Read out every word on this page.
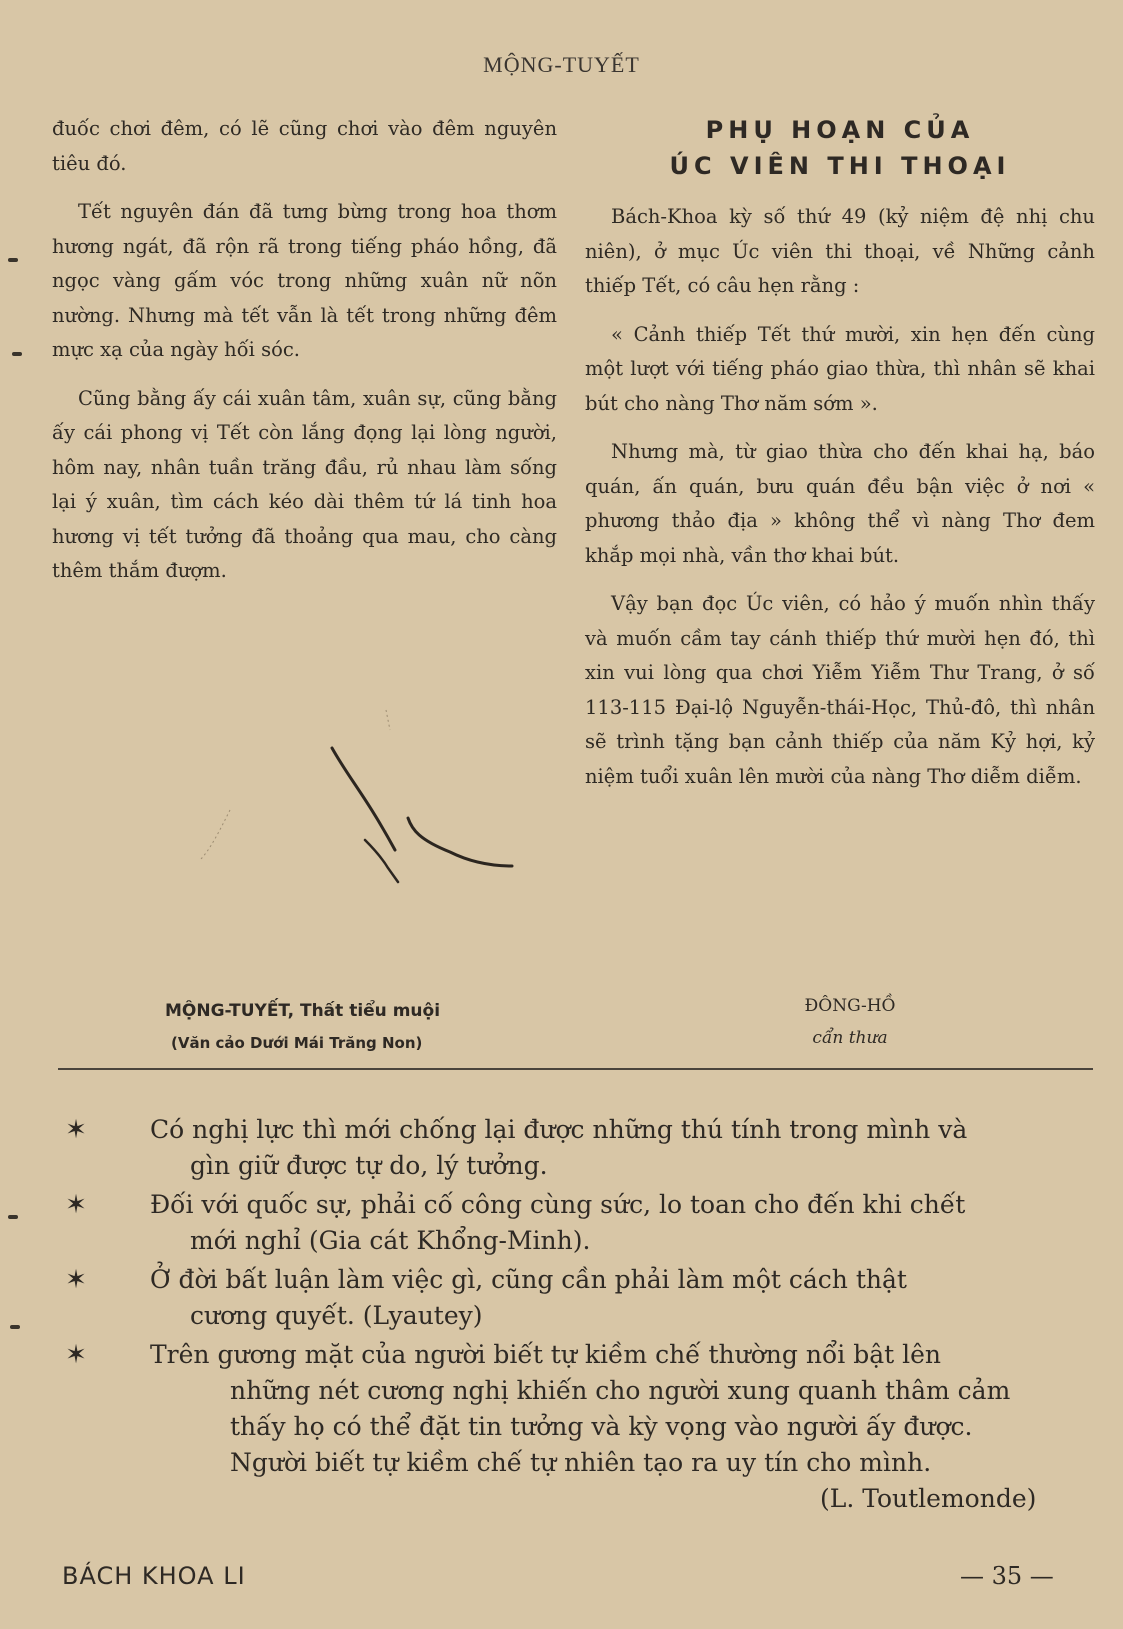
MỘNG-TUYẾT

đuốc chơi đêm, có lẽ cũng chơi vào đêm nguyên tiêu đó.

Tết nguyên đán đã tưng bừng trong hoa thơm hương ngát, đã rộn rã trong tiếng pháo hồng, đã ngọc vàng gấm vóc trong những xuân nữ nõn nường. Nhưng mà tết vẫn là tết trong những đêm mực xạ của ngày hối sóc.

Cũng bằng ấy cái xuân tâm, xuân sự, cũng bằng ấy cái phong vị Tết còn lắng đọng lại lòng người, hôm nay, nhân tuần trăng đầu, rủ nhau làm sống lại ý xuân, tìm cách kéo dài thêm tứ lá tinh hoa hương vị tết tưởng đã thoảng qua mau, cho càng thêm thắm đượm.

MỘNG-TUYẾT, Thất tiểu muội
(Văn cảo Dưới Mái Trăng Non)
PHỤ HOẠN CỦA
ÚC VIÊN THI THOẠI

Bách-Khoa kỳ số thứ 49 (kỷ niệm đệ nhị chu niên), ở mục Úc viên thi thoại, về Những cảnh thiếp Tết, có câu hẹn rằng :

« Cảnh thiếp Tết thứ mười, xin hẹn đến cùng một lượt với tiếng pháo giao thừa, thì nhân sẽ khai bút cho nàng Thơ năm sớm ».

Nhưng mà, từ giao thừa cho đến khai hạ, báo quán, ấn quán, bưu quán đều bận việc ở nơi « phương thảo địa » không thể vì nàng Thơ đem khắp mọi nhà, vần thơ khai bút.

Vậy bạn đọc Úc viên, có hảo ý muốn nhìn thấy và muốn cầm tay cánh thiếp thứ mười hẹn đó, thì xin vui lòng qua chơi Yiễm Yiễm Thư Trang, ở số 113-115 Đại-lộ Nguyễn-thái-Học, Thủ-đô, thì nhân sẽ trình tặng bạn cảnh thiếp của năm Kỷ hợi, kỷ niệm tuổi xuân lên mười của nàng Thơ diễm diễm.

ĐÔNG-HỒ
cẩn thưa
✶	Có nghị lực thì mới chống lại được những thú tính trong mình và
gìn giữ được tự do, lý tưởng.
✶	Đối với quốc sự, phải cố công cùng sức, lo toan cho đến khi chết
mới nghỉ (Gia cát Khổng-Minh).
✶	Ở đời bất luận làm việc gì, cũng cần phải làm một cách thật
cương quyết. (Lyautey)
✶	Trên gương mặt của người biết tự kiềm chế thường nổi bật lên
những nét cương nghị khiến cho người xung quanh thâm cảm
thấy họ có thể đặt tin tưởng và kỳ vọng vào người ấy được.
Người biết tự kiềm chế tự nhiên tạo ra uy tín cho mình.
(L. Toutlemonde)
BÁCH KHOA LI	— 35 —
